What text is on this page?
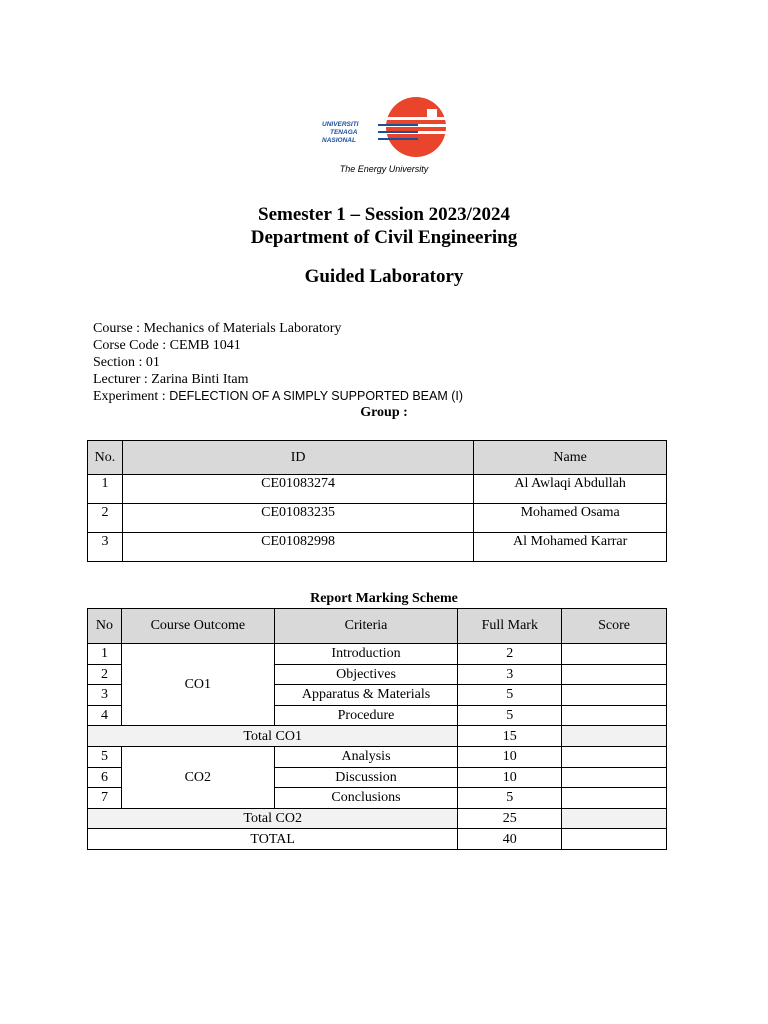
UNIVERSITI
TENAGA
NASIONAL
The Energy University
Semester 1 – Session 2023/2024
Department of Civil Engineering
Guided Laboratory
Course : Mechanics of Materials Laboratory
Corse Code : CEMB 1041
Section : 01
Lecturer : Zarina Binti Itam
Experiment : DEFLECTION OF A SIMPLY SUPPORTED BEAM (I)
Group :
No.	ID	Name
1	CE01083274	Al Awlaqi Abdullah
2	CE01083235	Mohamed Osama
3	CE01082998	Al Mohamed Karrar
Report Marking Scheme
No	Course Outcome	Criteria	Full Mark	Score
1	CO1	Introduction	2	
2		Objectives	3	
3		Apparatus & Materials	5	
4		Procedure	5	
Total CO1			15	
5	CO2	Analysis	10	
6		Discussion	10	
7		Conclusions	5	
Total CO2			25	
TOTAL			40	
